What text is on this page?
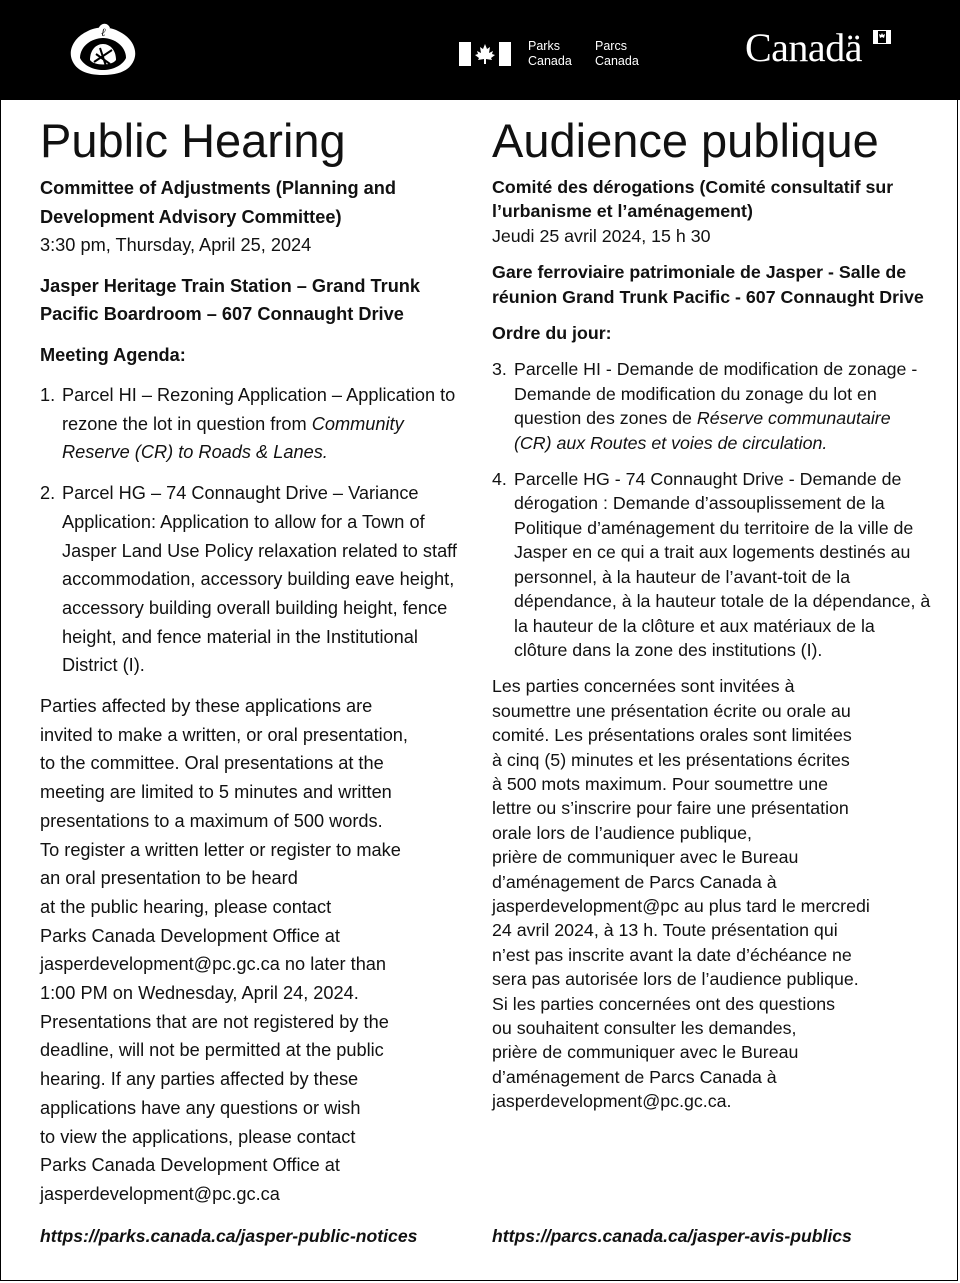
ℓ
Parks
Canada
Parcs
Canada	Canadä
Public Hearing

Committee of Adjustments (Planning and Development Advisory Committee)

3:30 pm, Thursday, April 25, 2024

Jasper Heritage Train Station – Grand Trunk Pacific Boardroom – 607 Connaught Drive

Meeting Agenda:

1. Parcel HI – Rezoning Application – Application to rezone the lot in question from Community Reserve (CR) to Roads & Lanes.
2. Parcel HG – 74 Connaught Drive – Variance Application: Application to allow for a Town of Jasper Land Use Policy relaxation related to staff accommodation, accessory building eave height, accessory building overall building height, fence height, and fence material in the Institutional District (I).
Parties affected by these applications are
invited to make a written, or oral presentation,
to the committee. Oral presentations at the
meeting are limited to 5 minutes and written
presentations to a maximum of 500 words.
To register a written letter or register to make
an oral presentation to be heard
at the public hearing, please contact
Parks Canada Development Office at
jasperdevelopment@pc.gc.ca no later than
1:00 PM on Wednesday, April 24, 2024.
Presentations that are not registered by the
deadline, will not be permitted at the public
hearing. If any parties affected by these
applications have any questions or wish
to view the applications, please contact
Parks Canada Development Office at
jasperdevelopment@pc.gc.ca
Audience publique

Comité des dérogations (Comité consultatif sur l’urbanisme et l’aménagement)

Jeudi 25 avril 2024, 15 h 30

Gare ferroviaire patrimoniale de Jasper - Salle de réunion Grand Trunk Pacific - 607 Connaught Drive

Ordre du jour:

3. Parcelle HI - Demande de modification de zonage - Demande de modification du zonage du lot en question des zones de Réserve communautaire (CR) aux Routes et voies de circulation.
4. Parcelle HG - 74 Connaught Drive - Demande de dérogation : Demande d’assouplissement de la Politique d’aménagement du territoire de la ville de Jasper en ce qui a trait aux logements destinés au personnel, à la hauteur de l’avant-toit de la dépendance, à la hauteur totale de la dépendance, à la hauteur de la clôture et aux matériaux de la clôture dans la zone des institutions (I).
Les parties concernées sont invitées à
soumettre une présentation écrite ou orale au
comité. Les présentations orales sont limitées
à cinq (5) minutes et les présentations écrites
à 500 mots maximum. Pour soumettre une
lettre ou s’inscrire pour faire une présentation
orale lors de l’audience publique,
prière de communiquer avec le Bureau
d’aménagement de Parcs Canada à
jasperdevelopment@pc au plus tard le mercredi
24 avril 2024, à 13 h. Toute présentation qui
n’est pas inscrite avant la date d’échéance ne
sera pas autorisée lors de l’audience publique.
Si les parties concernées ont des questions
ou souhaitent consulter les demandes,
prière de communiquer avec le Bureau
d’aménagement de Parcs Canada à
jasperdevelopment@pc.gc.ca.
https://parks.canada.ca/jasper-public-notices	https://parcs.canada.ca/jasper-avis-publics
